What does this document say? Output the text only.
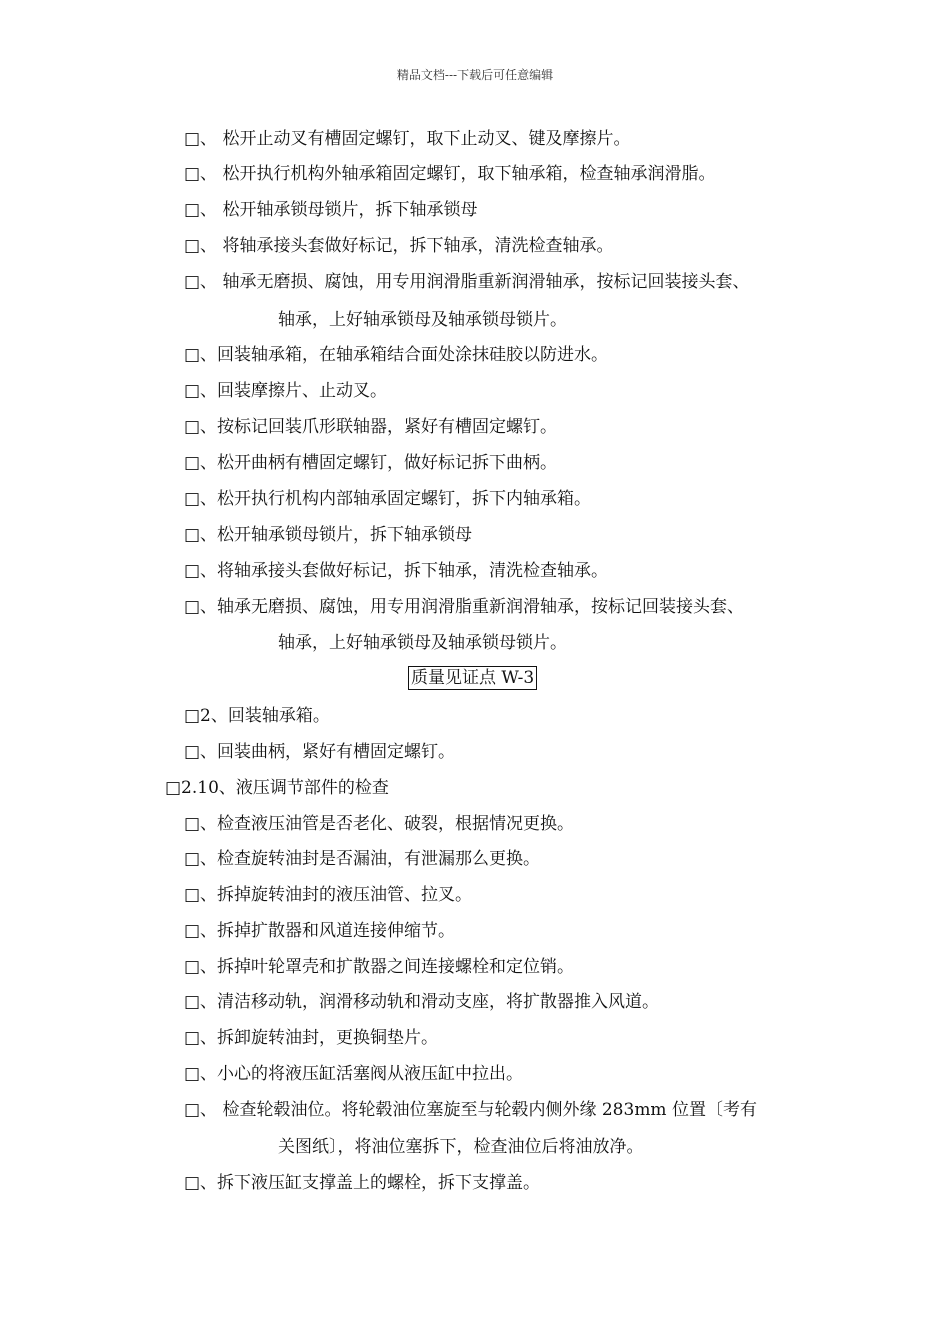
精品文档---下载后可任意编辑
□、 松开止动叉有槽固定螺钉，取下止动叉、键及摩擦片。
□、 松开执行机构外轴承箱固定螺钉，取下轴承箱，检查轴承润滑脂。
□、 松开轴承锁母锁片，拆下轴承锁母
□、 将轴承接头套做好标记，拆下轴承，清洗检查轴承。
□、 轴承无磨损、腐蚀，用专用润滑脂重新润滑轴承，按标记回装接头套、
轴承，上好轴承锁母及轴承锁母锁片。
□、回装轴承箱，在轴承箱结合面处涂抹硅胶以防进水。
□、回装摩擦片、止动叉。
□、按标记回装爪形联轴器，紧好有槽固定螺钉。
□、松开曲柄有槽固定螺钉，做好标记拆下曲柄。
□、松开执行机构内部轴承固定螺钉，拆下内轴承箱。
□、松开轴承锁母锁片，拆下轴承锁母
□、将轴承接头套做好标记，拆下轴承，清洗检查轴承。
□、轴承无磨损、腐蚀，用专用润滑脂重新润滑轴承，按标记回装接头套、
轴承，上好轴承锁母及轴承锁母锁片。
质量见证点 W-3
□2、回装轴承箱。
□、回装曲柄，紧好有槽固定螺钉。
□2.10、液压调节部件的检查
□、检查液压油管是否老化、破裂，根据情况更换。
□、检查旋转油封是否漏油，有泄漏那么更换。
□、拆掉旋转油封的液压油管、拉叉。
□、拆掉扩散器和风道连接伸缩节。
□、拆掉叶轮罩壳和扩散器之间连接螺栓和定位销。
□、清洁移动轨，润滑移动轨和滑动支座，将扩散器推入风道。
□、拆卸旋转油封，更换铜垫片。
□、小心的将液压缸活塞阀从液压缸中拉出。
□、 检查轮毂油位。将轮毂油位塞旋至与轮毂内侧外缘 283mm 位置〔考有
关图纸〕，将油位塞拆下，检查油位后将油放净。
□、拆下液压缸支撑盖上的螺栓，拆下支撑盖。
